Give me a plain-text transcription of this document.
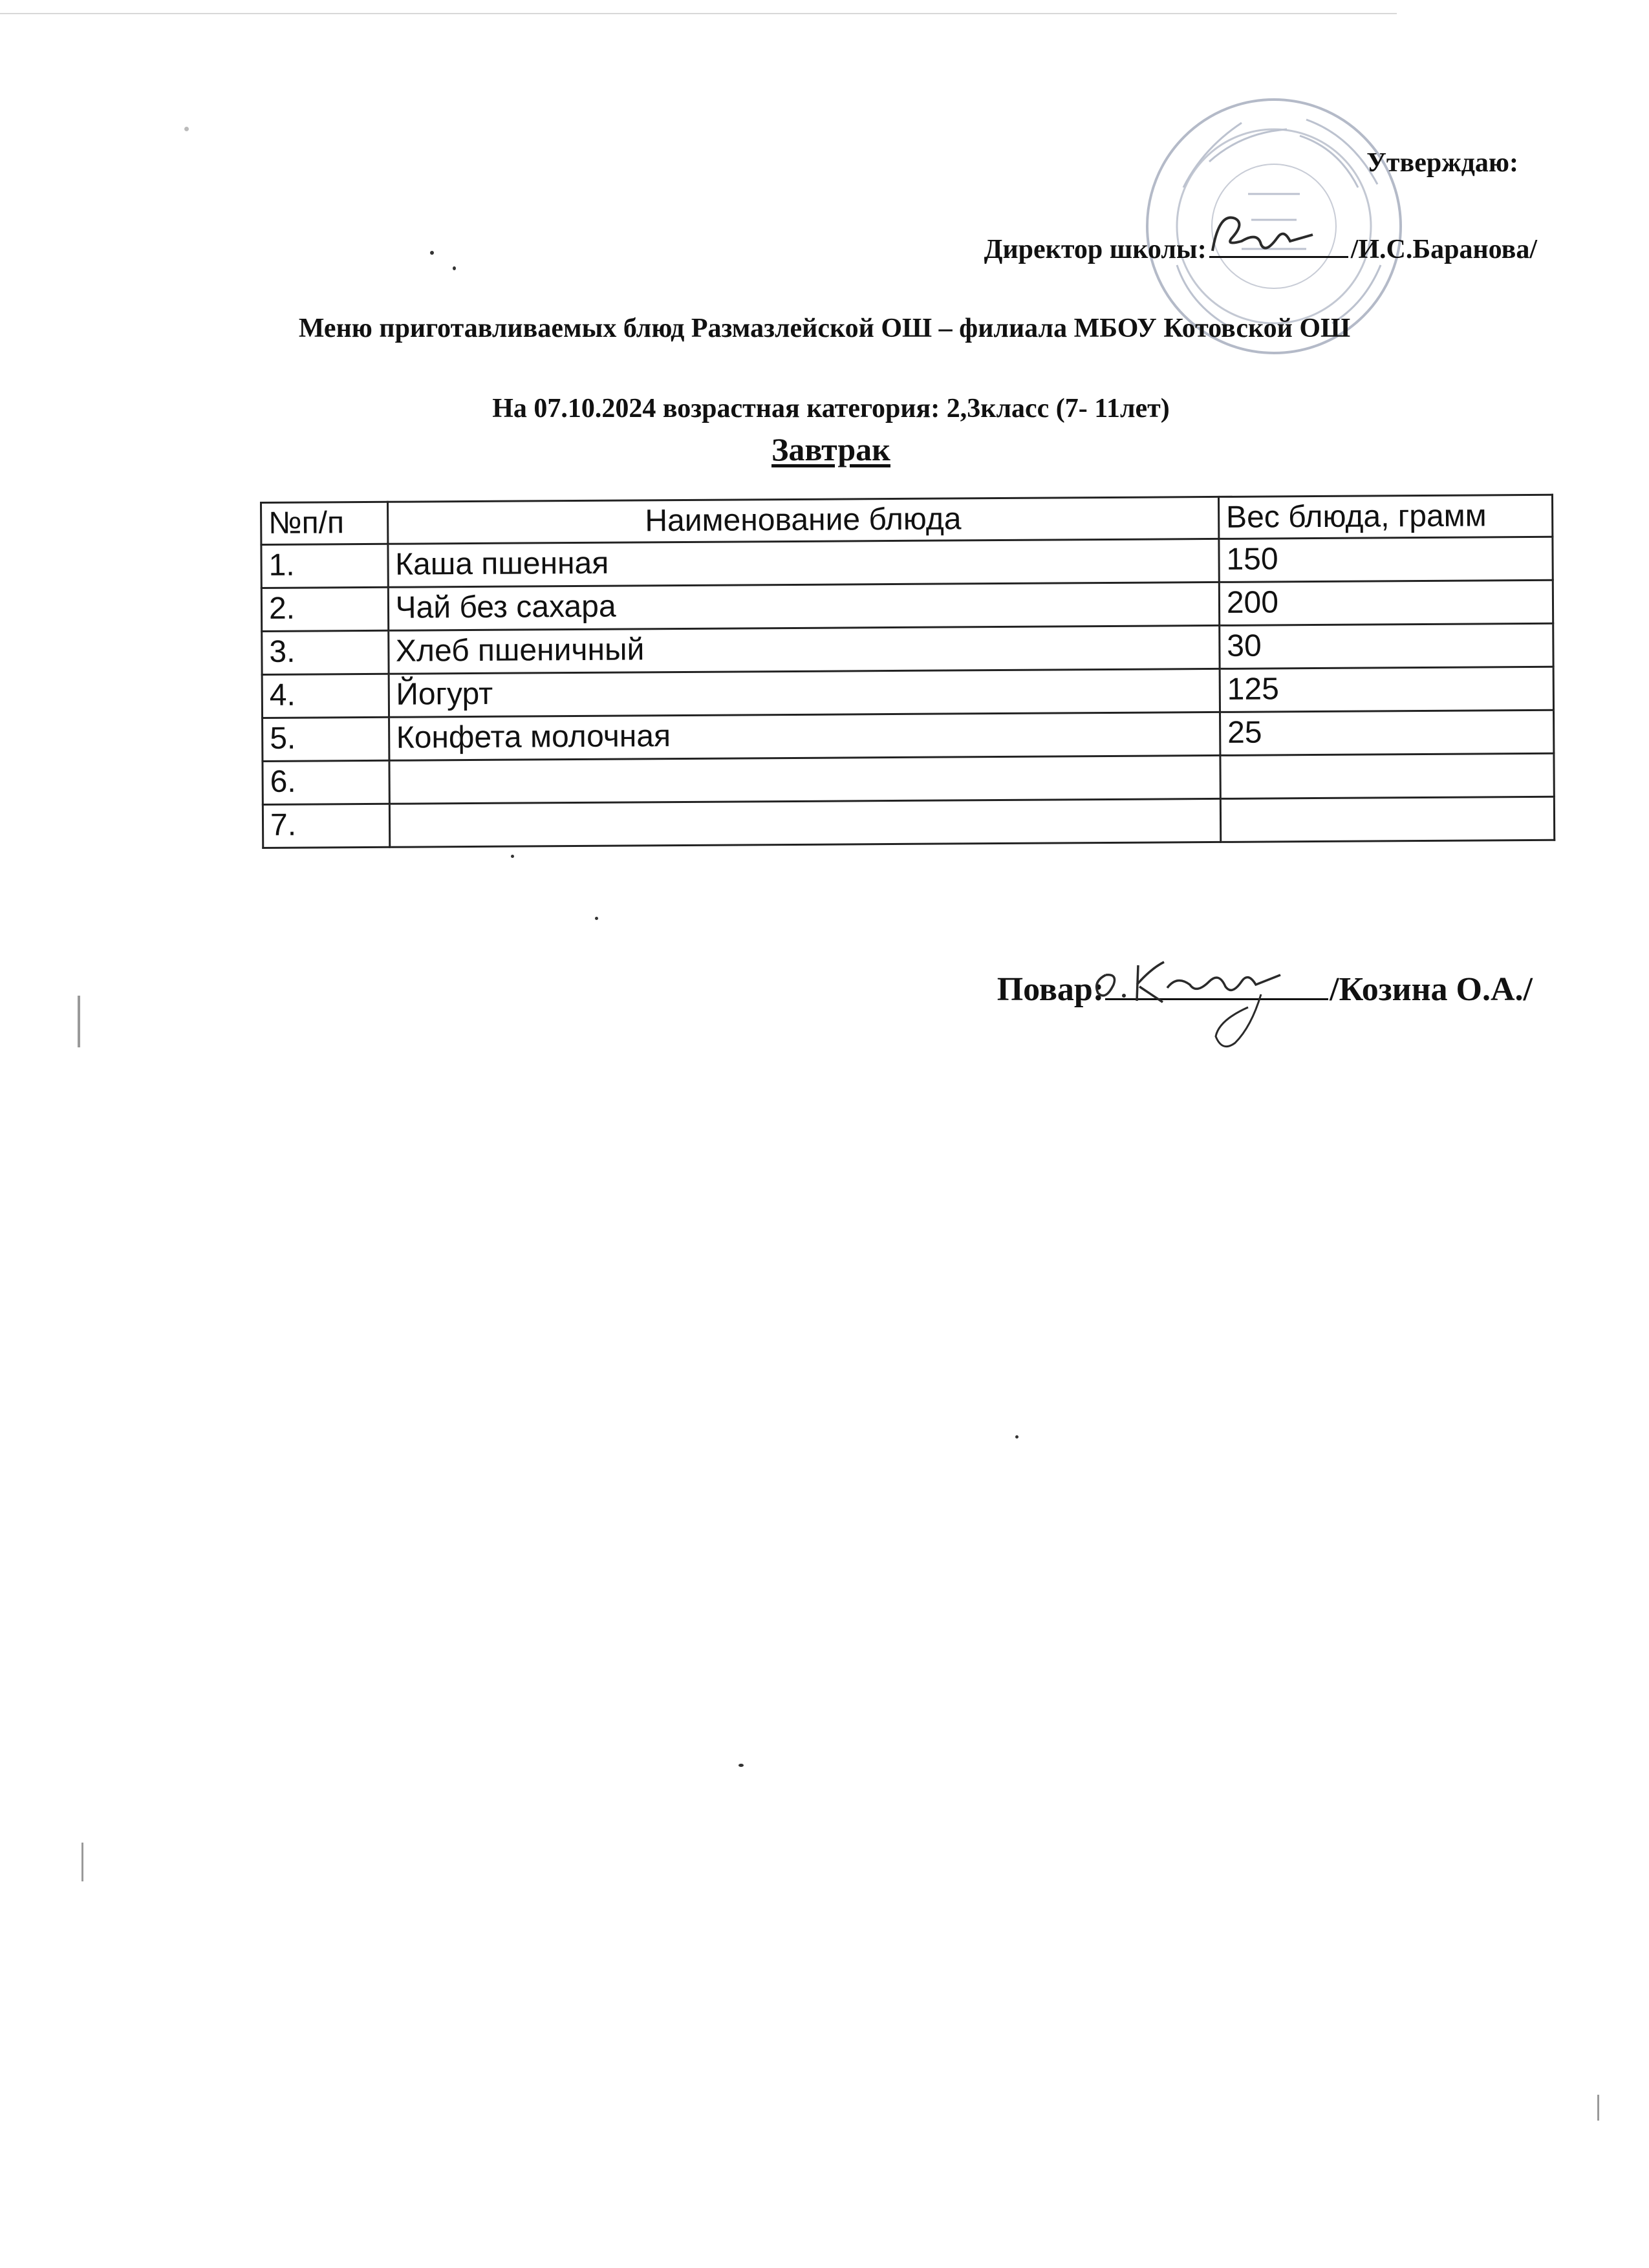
Утверждаю:
Директор школы:	/И.С.Баранова/
Меню приготавливаемых блюд Размазлейской ОШ – филиала МБОУ Котовской ОШ
На 07.10.2024 возрастная категория: 2,3класс (7- 11лет)
Завтрак
№п/п	Наименование блюда	Вес блюда, грамм
1.	Каша пшенная	150
2.	Чай без сахара	200
3.	Хлеб пшеничный	30
4.	Йогурт	125
5.	Конфета молочная	25
6.		
7.		
Повар:	/Козина О.А./
